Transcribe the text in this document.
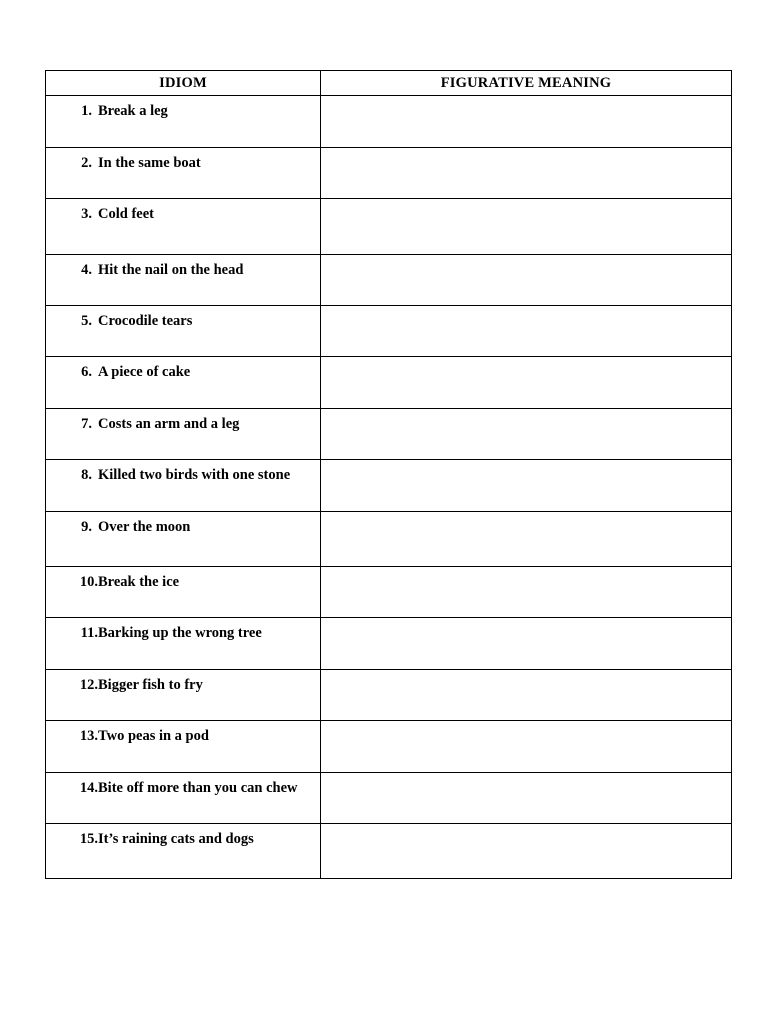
IDIOM	FIGURATIVE MEANING

1. Break a leg	

2. In the same boat	

3. Cold feet	

4. Hit the nail on the head	

5. Crocodile tears	

6. A piece of cake	

7. Costs an arm and a leg	

8. Killed two birds with one stone	

9. Over the moon	

10. Break the ice	

11. Barking up the wrong tree	

12. Bigger fish to fry	

13. Two peas in a pod	

14. Bite off more than you can chew	

15. It’s raining cats and dogs	
